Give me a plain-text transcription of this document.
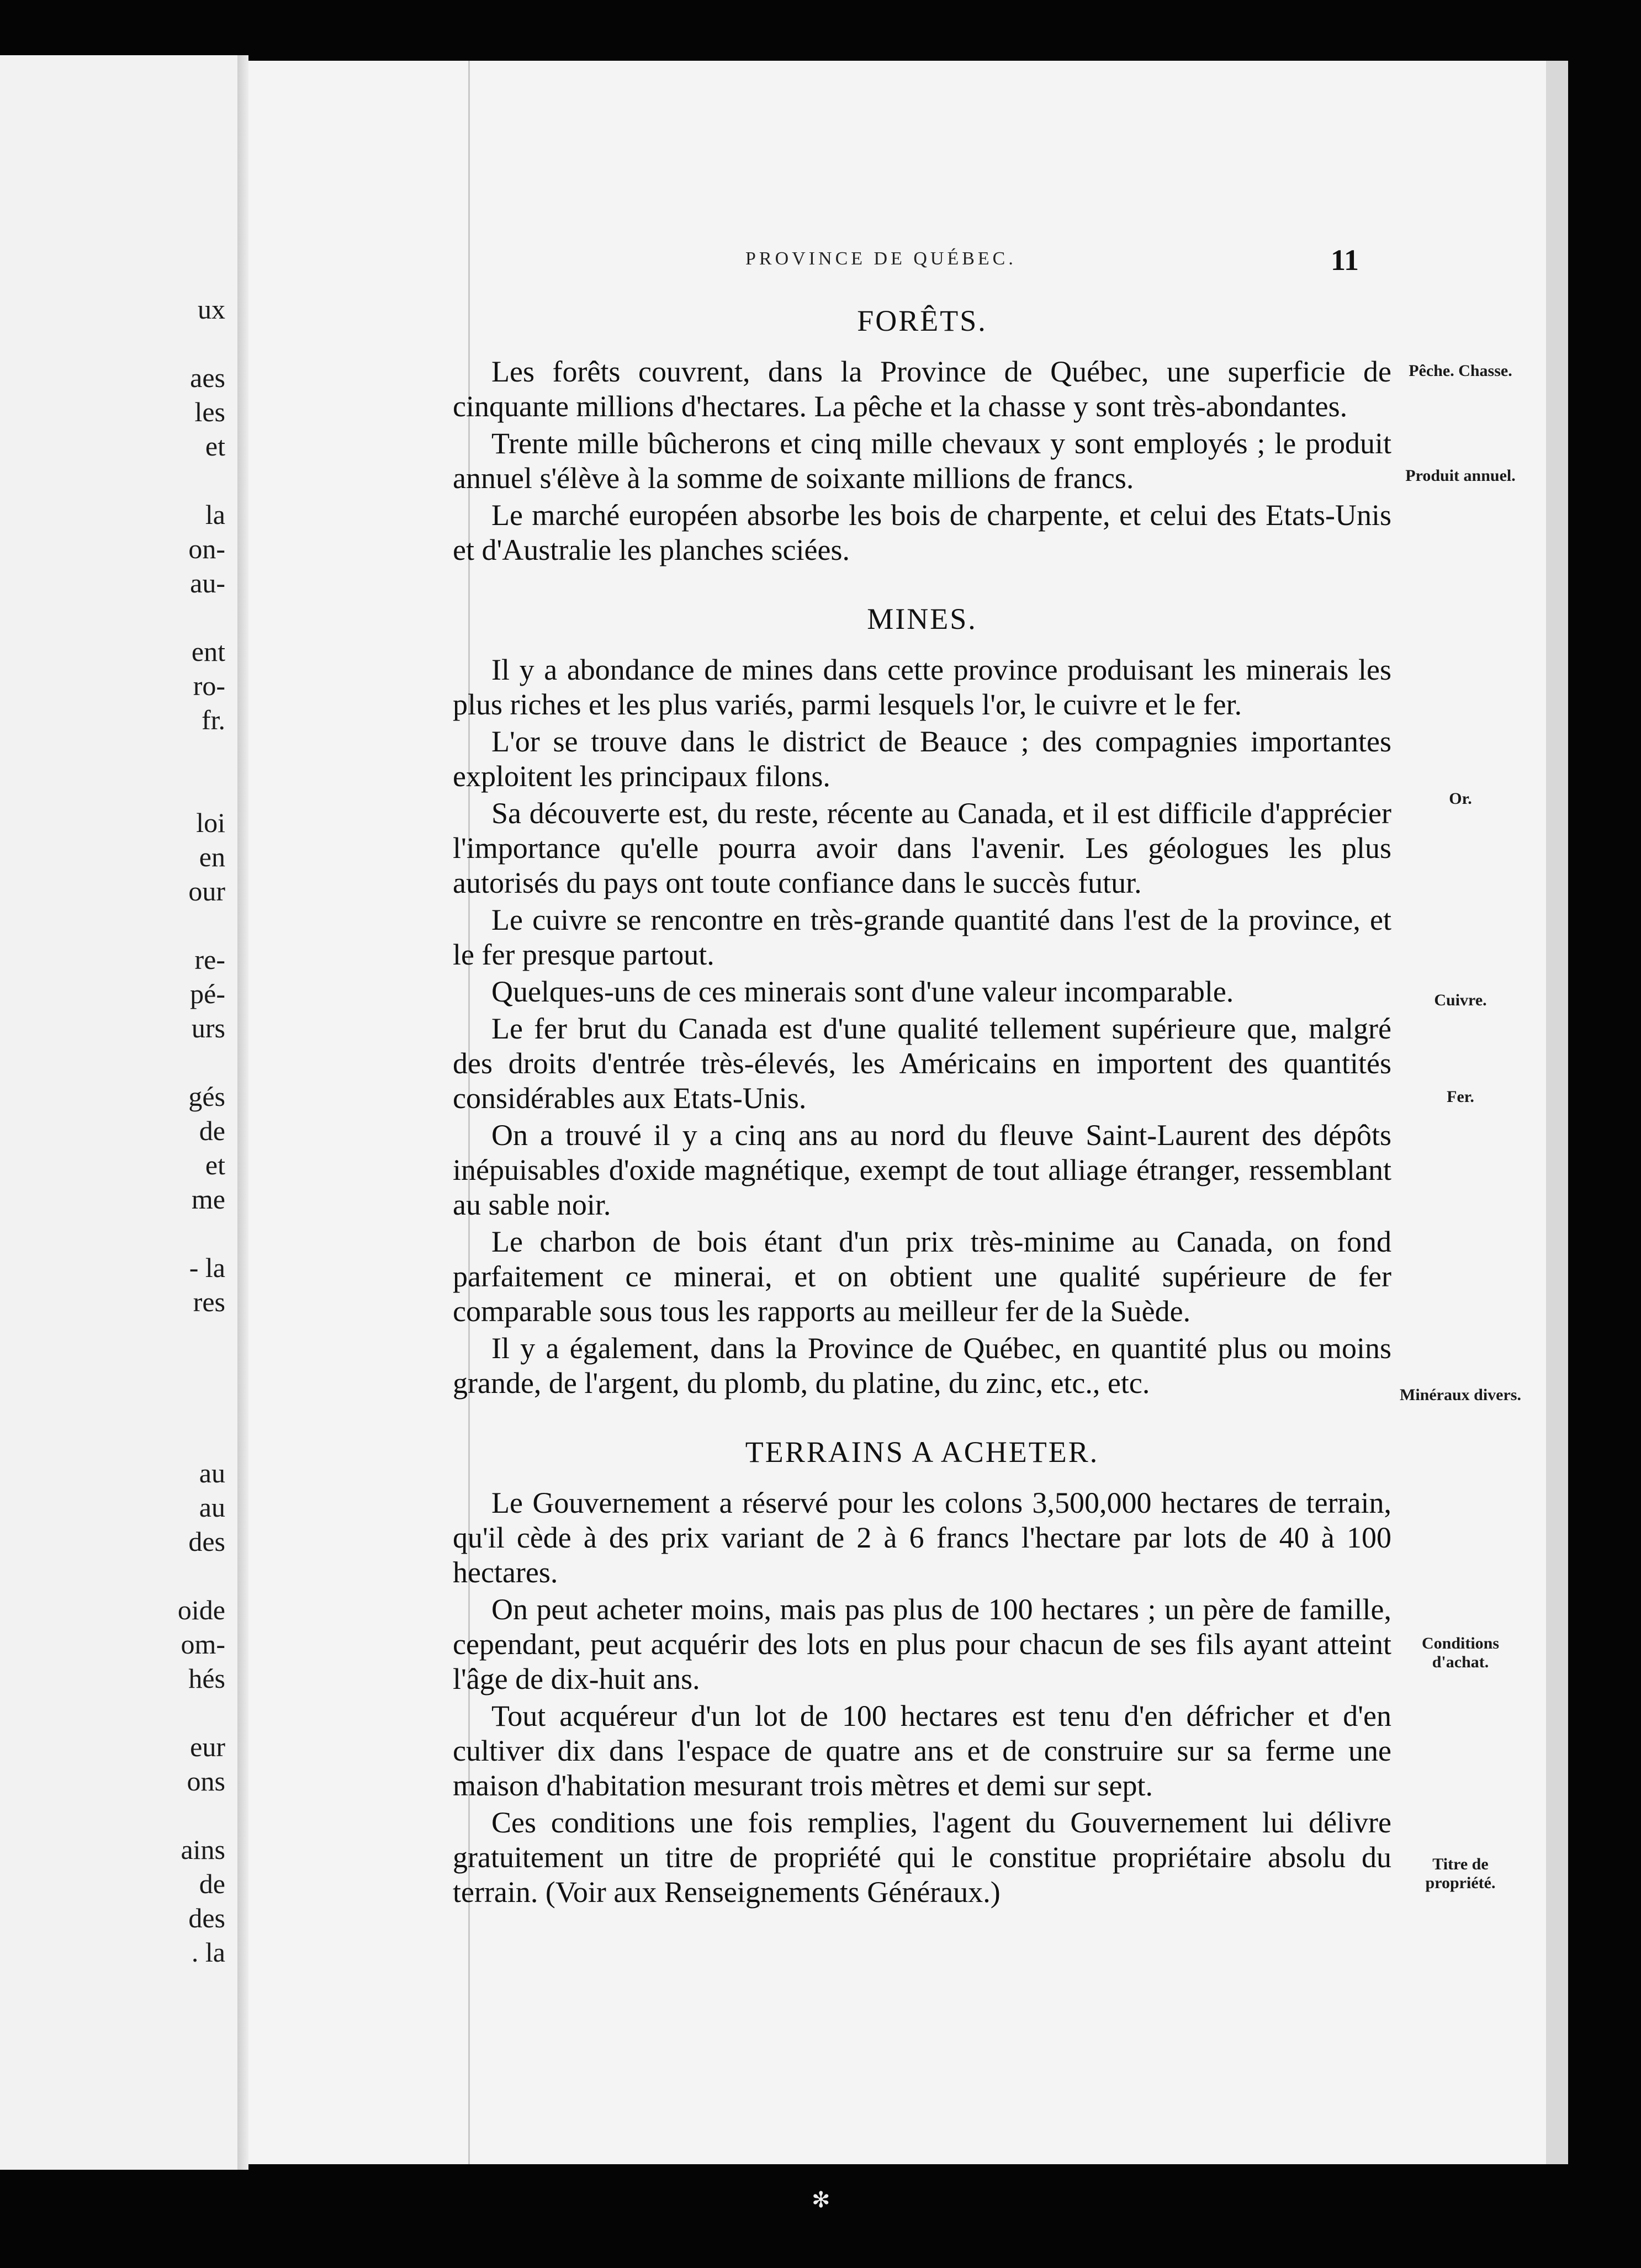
ux
aes
les
et
la
on-
au-
ent
ro-
fr.
loi
en
our
re-
pé-
urs
gés
de
et
me
- la
res
au
au
des
oide
om-
hés
eur
ons
ains
de
des
. la
PROVINCE DE QUÉBEC.	11
FORÊTS.

Les forêts couvrent, dans la Province de Québec, une superficie de cinquante millions d'hectares. La pêche et la chasse y sont très-abondantes.

Trente mille bûcherons et cinq mille chevaux y sont employés ; le produit annuel s'élève à la somme de soixante millions de francs.

Le marché européen absorbe les bois de charpente, et celui des Etats-Unis et d'Australie les planches sciées.

MINES.

Il y a abondance de mines dans cette province produisant les minerais les plus riches et les plus variés, parmi lesquels l'or, le cuivre et le fer.

L'or se trouve dans le district de Beauce ; des compagnies importantes exploitent les principaux filons.

Sa découverte est, du reste, récente au Canada, et il est difficile d'apprécier l'importance qu'elle pourra avoir dans l'avenir. Les géologues les plus autorisés du pays ont toute confiance dans le succès futur.

Le cuivre se rencontre en très-grande quantité dans l'est de la province, et le fer presque partout.

Quelques-uns de ces minerais sont d'une valeur incomparable.

Le fer brut du Canada est d'une qualité tellement supérieure que, malgré des droits d'entrée très-élevés, les Américains en importent des quantités considérables aux Etats-Unis.

On a trouvé il y a cinq ans au nord du fleuve Saint-Laurent des dépôts inépuisables d'oxide magnétique, exempt de tout alliage étranger, ressemblant au sable noir.

Le charbon de bois étant d'un prix très-minime au Canada, on fond parfaitement ce minerai, et on obtient une qualité supérieure de fer comparable sous tous les rapports au meilleur fer de la Suède.

Il y a également, dans la Province de Québec, en quantité plus ou moins grande, de l'argent, du plomb, du platine, du zinc, etc., etc.

TERRAINS A ACHETER.

Le Gouvernement a réservé pour les colons 3,500,000 hectares de terrain, qu'il cède à des prix variant de 2 à 6 francs l'hectare par lots de 40 à 100 hectares.

On peut acheter moins, mais pas plus de 100 hectares ; un père de famille, cependant, peut acquérir des lots en plus pour chacun de ses fils ayant atteint l'âge de dix-huit ans.

Tout acquéreur d'un lot de 100 hectares est tenu d'en défricher et d'en cultiver dix dans l'espace de quatre ans et de construire sur sa ferme une maison d'habitation mesurant trois mètres et demi sur sept.

Ces conditions une fois remplies, l'agent du Gouvernement lui délivre gratuitement un titre de propriété qui le constitue propriétaire absolu du terrain. (Voir aux Renseignements Généraux.)

Pêche. Chasse.
Produit annuel.
Or.
Cuivre.
Fer.
Minéraux divers.
Conditions d'achat.
Titre de propriété.
✻
